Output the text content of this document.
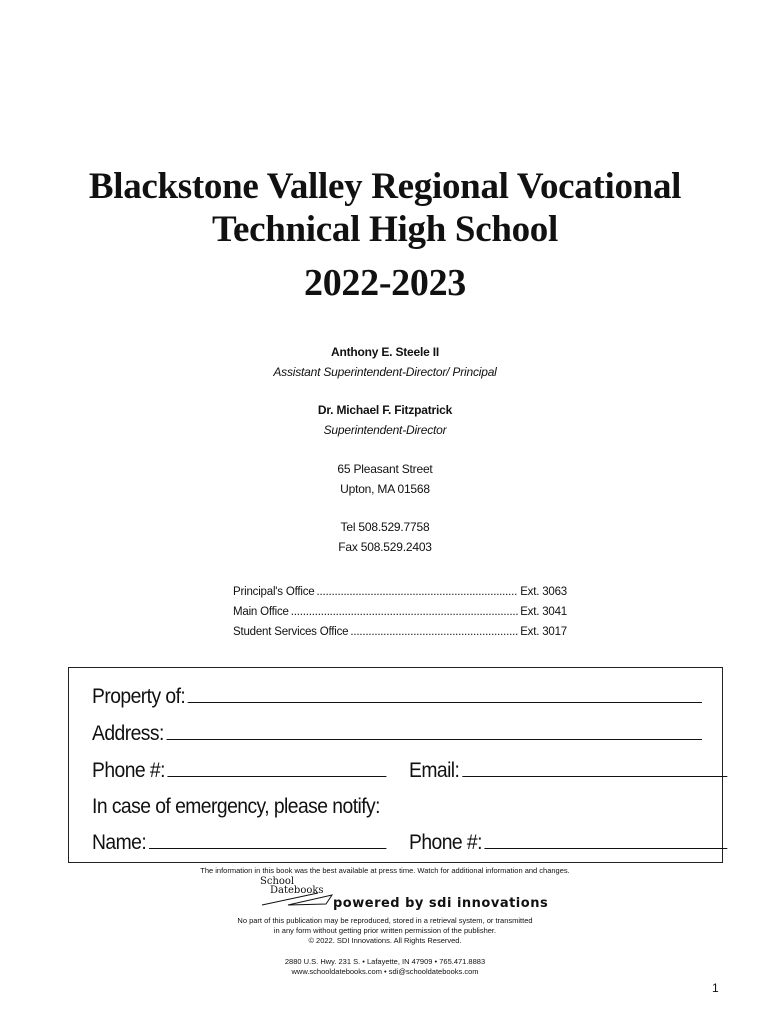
Blackstone Valley Regional Vocational
Technical High School
2022-2023
Anthony E. Steele II
Assistant Superintendent-Director/ Principal
Dr. Michael F. Fitzpatrick
Superintendent-Director
65 Pleasant Street
Upton, MA 01568
Tel 508.529.7758
Fax 508.529.2403
Principal's Office .....	Ext. 3063
Main Office .....	Ext. 3041
Student Services Office .....	Ext. 3017
Property of:
Address:
Phone #:	Email:
In case of emergency, please notify:
Name:	Phone #:
The information in this book was the best available at press time. Watch for additional information and changes.
School
Datebooks
powered by sdi innovations
No part of this publication may be reproduced, stored in a retrieval system, or transmitted
in any form without getting prior written permission of the publisher.
© 2022. SDI Innovations. All Rights Reserved.
2880 U.S. Hwy. 231 S. • Lafayette, IN 47909 • 765.471.8883
www.schooldatebooks.com • sdi@schooldatebooks.com
1
